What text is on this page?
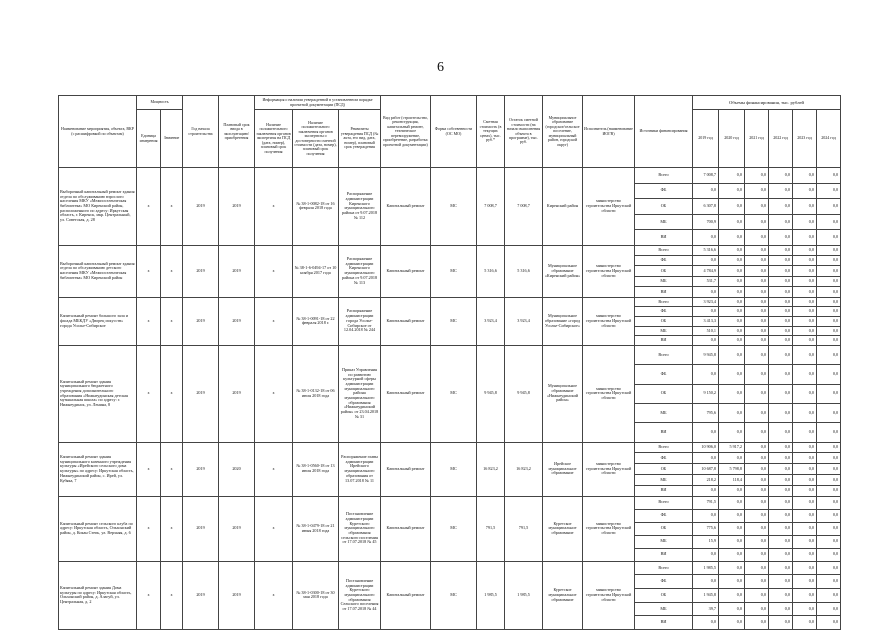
6
Наименование мероприятия, объекта, ВКР (с расшифровкой по объектам)	Мощность		Год начала строительства	Плановый срок ввода в эксплуатацию/приобретения	Информация о наличии утвержденной в установленном порядке проектной документации (ПСД)			Вид работ (строительство, реконструкция, капитальный ремонт, техническое перевооружение, приобретение, разработка проектной документации)	Форма собственности (ОС МО)	Сметная стоимость (в текущих ценах), тыс. руб.*	Остаток сметной стоимости (на начало выполнения объекта в программе), тыс. руб.	Муниципальное образование (городское/сельское поселение, муниципальный район, городской округ)	Исполнитель (наименование ИОГВ)	Источники финансирования	Объемы финансирования, тыс. рублей					
	Единица измерения	Значение			Наличие положительного заключения органов экспертизы на ПСД (дата, номер), плановый срок получения	Наличие положительного заключения органов экспертизы о достоверности сметной стоимости (дата, номер), плановый срок получения	Реквизиты утверждения ПСД (№ акта, его вид, дата, номер), плановый срок утверждения								2019 год	2020 год	2021 год	2022 год	2023 год	2024 год

Выборочный капитальный ремонт здания отдела по обслуживанию взрослого населения МКУ «Межпоселенческая библиотека» МО Киренский район, расположенного по адресу: Иркутская область, г. Киренск, мкр. Центральный, ул. Советская, д. 28	х	х	2019	2019	х	№ 38-1-0082-18 от 16 февраля 2018 года	Распоряжение администрации Киренского муниципального района от 9.07.2018 № 112	Капитальный ремонт	МС	7 008,7	7 008,7	Киренский район	министерство строительства Иркутской области	Всего	7 008,7	0,0	0,0	0,0	0,0	0,0
														ФБ	0,0	0,0	0,0	0,0	0,0	0,0
														ОБ	6 307,8	0,0	0,0	0,0	0,0	0,0
														МБ	700,9	0,0	0,0	0,0	0,0	0,0
														ВИ	0,0	0,0	0,0	0,0	0,0	0,0
Выборочный капитальный ремонт здания отдела по обслуживанию детского населения МКУ «Межпоселенческая библиотека» МО Киренский район	х	х	2019	2019	х	№ 38-1-6-0494-17 от 10 ноября 2017 года	Распоряжение администрации Киренского муниципального района от 9.07.2018 № 113	Капитальный ремонт	МС	5 316,6	5 316,6	Муниципальное образование «Киренский район»	министерство строительства Иркутской области	Всего	5 316,6	0,0	0,0	0,0	0,0	0,0
														ФБ	0,0	0,0	0,0	0,0	0,0	0,0
														ОБ	4 784,9	0,0	0,0	0,0	0,0	0,0
														МБ	531,7	0,0	0,0	0,0	0,0	0,0
														ВИ	0,0	0,0	0,0	0,0	0,0	0,0
Капитальный ремонт большого зала и фасада МБКДУ «Дворец искусств» города Усолье-Сибирское	х	х	2019	2019	х	№ 38-1-0091-18 от 22 февраля 2018 г.	Распоряжение администрации города Усолье-Сибирское от 12.04.2018 № 244	Капитальный ремонт	МС	3 923,4	3 923,4	Муниципальное образование «город Усолье-Сибирское»	министерство строительства Иркутской области	Всего	3 923,4	0,0	0,0	0,0	0,0	0,0
														ФБ	0,0	0,0	0,0	0,0	0,0	0,0
														ОБ	3 413,3	0,0	0,0	0,0	0,0	0,0
														МБ	510,1	0,0	0,0	0,0	0,0	0,0
														ВИ	0,0	0,0	0,0	0,0	0,0	0,0
Капитальный ремонт здания муниципального бюджетного учреждения дополнительного образования «Нижнеудинская детская музыкальная школа» по адресу: г. Нижнеудинск, ул. Ленина, 8	х	х	2019	2019	х	№ 38-1-0132-18 от 06 июля 2018 года	Приказ Управления по развитию культурной сферы администрации муниципального района муниципального образования «Нижнеудинский район» от 23.04.2018 № 31	Капитальный ремонт	МС	9 945,8	9 945,8	Муниципальное образование «Нижнеудинский район»	министерство строительства Иркутской области	Всего	9 945,8	0,0	0,0	0,0	0,0	0,0
														ФБ	0,0	0,0	0,0	0,0	0,0	0,0
														ОБ	9 150,2	0,0	0,0	0,0	0,0	0,0
														МБ	795,6	0,0	0,0	0,0	0,0	0,0
														ВИ	0,0	0,0	0,0	0,0	0,0	0,0
Капитальный ремонт здания муниципального казенного учреждения культуры «Ирейского сельского дома культуры» по адресу: Иркутская область, Нижнеудинский район, с. Ирей, ул. Кубяка, 7	х	х	2019	2020	х	№ 38-1-0560-18 от 13 июля 2018 года	Распоряжение главы администрации Ирейского муниципального образования от 13.07.2018 № 11	Капитальный ремонт	МС	16 823,2	16 823,2	Ирейское муниципальное образование	министерство строительства Иркутской области	Всего	10 906,0	5 917,2	0,0	0,0	0,0	0,0
														ФБ	0,0	0,0	0,0	0,0	0,0	0,0
														ОБ	10 687,8	5 798,8	0,0	0,0	0,0	0,0
														МБ	218,2	118,4	0,0	0,0	0,0	0,0
														ВИ	0,0	0,0	0,0	0,0	0,0	0,0
Капитальный ремонт сельского клуба по адресу: Иркутская область, Ольхонский район, д. Кокан Степь, ул. Верхняя, д. 6	х	х	2019	2019	х	№ 38-1-0479-18 от 21 июня 2018 года	Постановление администрации Куретского муниципального образования сельского поселения от 17.07.2018 № 45	Капитальный ремонт	МС	791,5	791,5	Куретское муниципальное образование	министерство строительства Иркутской области	Всего	791,5	0,0	0,0	0,0	0,0	0,0
														ФБ	0,0	0,0	0,0	0,0	0,0	0,0
														ОБ	775,6	0,0	0,0	0,0	0,0	0,0
														МБ	15,9	0,0	0,0	0,0	0,0	0,0
														ВИ	0,0	0,0	0,0	0,0	0,0	0,0
Капитальный ремонт здания Дома культуры по адресу: Иркутская область, Ольхонский район, д. Алагуй, ул. Центральная, д. 2	х	х	2019	2019	х	№ 38-1-0300-18 от 30 мая 2018 года	Постановление администрации Куретского муниципального образования Сельского поселения от 17.07.2018 № 44	Капитальный ремонт	МС	1 985,5	1 985,5	Куретское муниципальное образование	министерство строительства Иркутской области	Всего	1 985,5	0,0	0,0	0,0	0,0	0,0
														ФБ	0,0	0,0	0,0	0,0	0,0	0,0
														ОБ	1 945,8	0,0	0,0	0,0	0,0	0,0
														МБ	39,7	0,0	0,0	0,0	0,0	0,0
														ВИ	0,0	0,0	0,0	0,0	0,0	0,0
